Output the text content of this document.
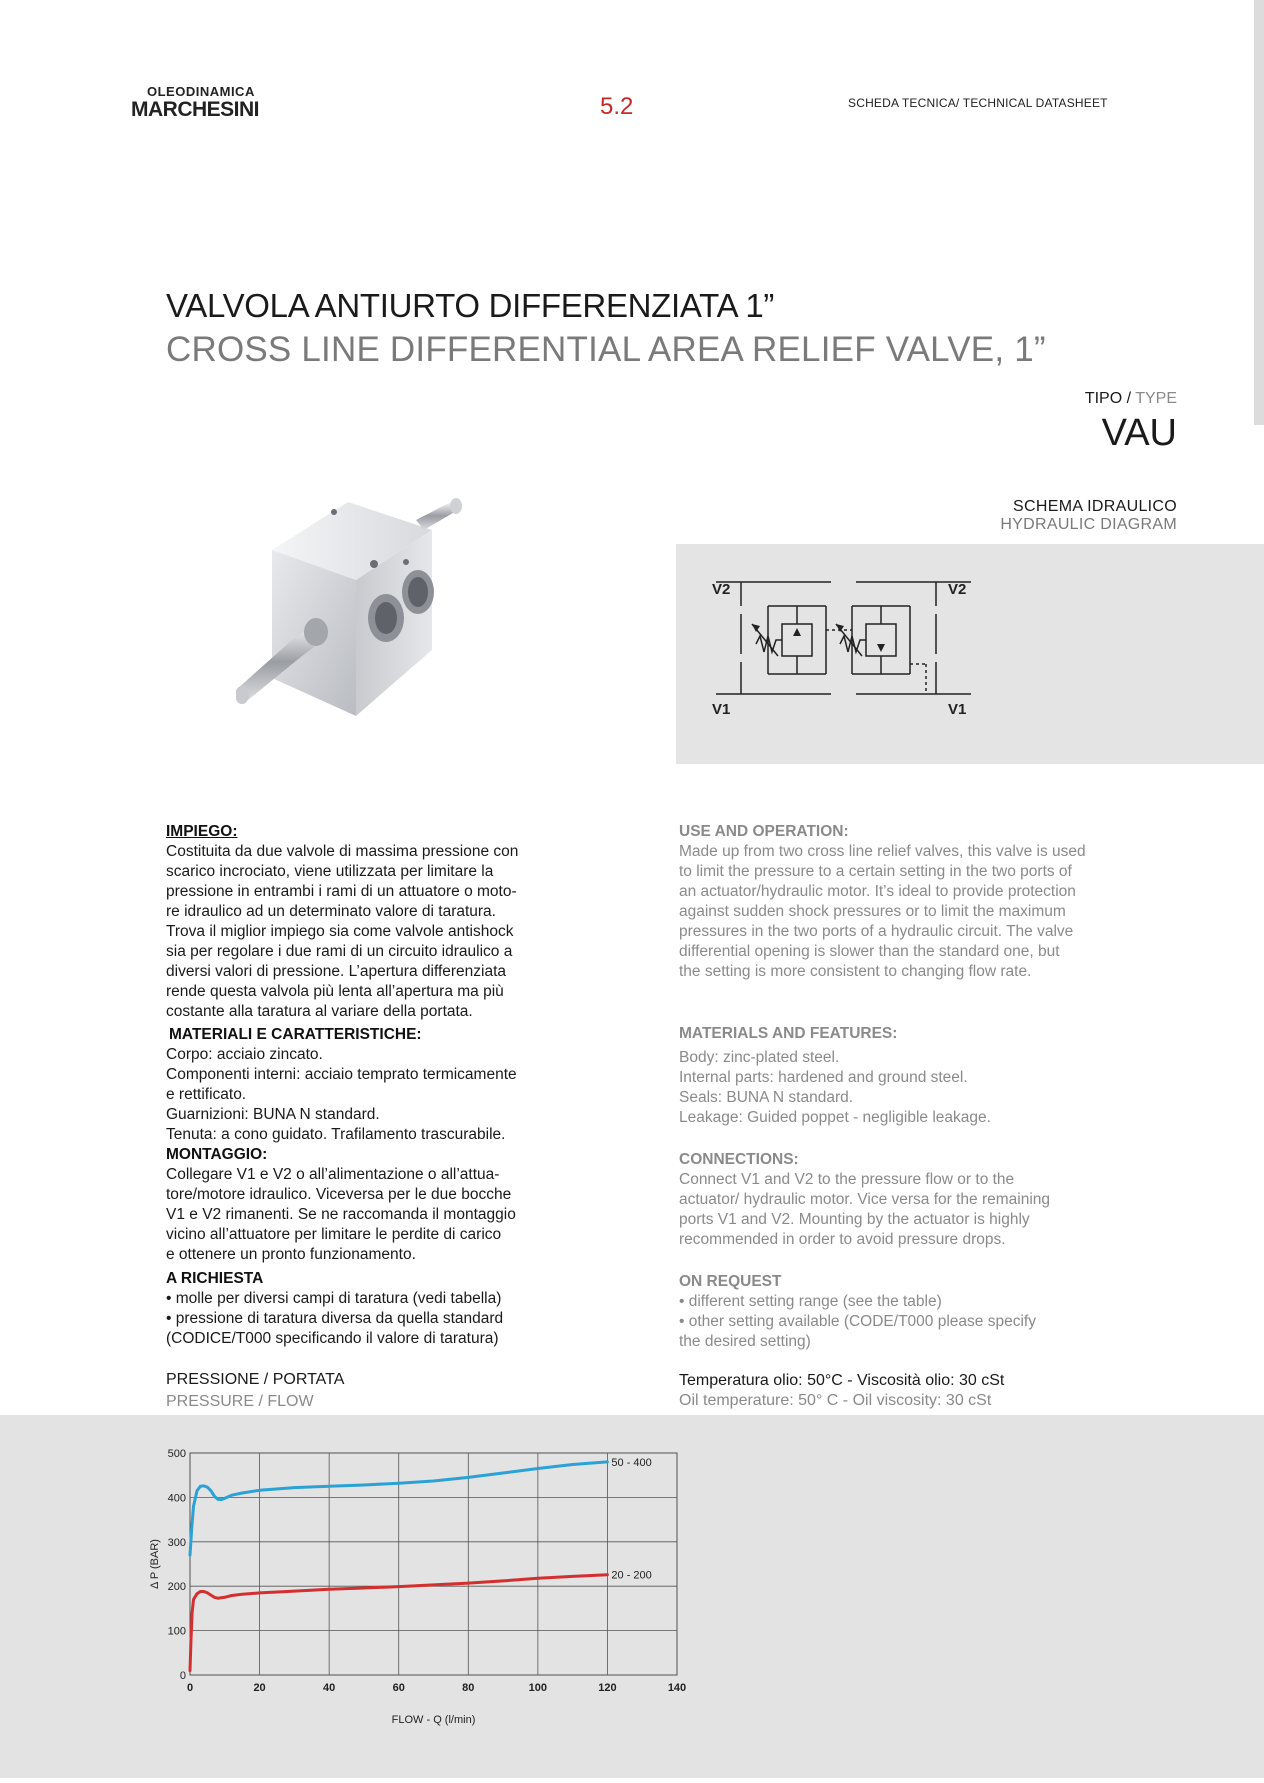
OLEODINAMICA
MARCHESINI	5.2	SCHEDA TECNICA/ TECHNICAL DATASHEET
VALVOLA ANTIURTO DIFFERENZIATA 1”
CROSS LINE DIFFERENTIAL AREA RELIEF VALVE, 1”
TIPO / TYPE
VAU
SCHEMA IDRAULICO
HYDRAULIC DIAGRAM
V2	V2
V1	V1
IMPIEGO:
Costituita da due valvole di massima pressione con
scarico incrociato, viene utilizzata per limitare la
pressione in entrambi i rami di un attuatore o moto-
re idraulico ad un determinato valore di taratura.
Trova il miglior impiego sia come valvole antishock
sia per regolare i due rami di un circuito idraulico a
diversi valori di pressione. L’apertura differenziata
rende questa valvola più lenta all’apertura ma più
costante alla taratura al variare della portata.
MATERIALI E CARATTERISTICHE:
Corpo: acciaio zincato.
Componenti interni: acciaio temprato termicamente
e rettificato.
Guarnizioni: BUNA N standard.
Tenuta: a cono guidato. Trafilamento trascurabile.
MONTAGGIO:
Collegare V1 e V2 o all’alimentazione o all’attua-
tore/motore idraulico. Viceversa per le due bocche
V1 e V2 rimanenti. Se ne raccomanda il montaggio
vicino all’attuatore per limitare le perdite di carico
e ottenere un pronto funzionamento.
A RICHIESTA
• molle per diversi campi di taratura (vedi tabella)
• pressione di taratura diversa da quella standard
(CODICE/T000 specificando il valore di taratura)
PRESSIONE / PORTATA
PRESSURE / FLOW
USE AND OPERATION:
Made up from two cross line relief valves, this valve is used
to limit the pressure to a certain setting in the two ports of
an actuator/hydraulic motor. It’s ideal to provide protection
against sudden shock pressures or to limit the maximum
pressures in the two ports of a hydraulic circuit. The valve
differential opening is slower than the standard one, but
the setting is more consistent to changing flow rate.
MATERIALS AND FEATURES:
Body: zinc-plated steel.
Internal parts: hardened and ground steel.
Seals: BUNA N standard.
Leakage: Guided poppet - negligible leakage.
CONNECTIONS:
Connect V1 and V2 to the pressure flow or to the
actuator/ hydraulic motor. Vice versa for the remaining
ports V1 and V2. Mounting by the actuator is highly
recommended in order to avoid pressure drops.
ON REQUEST
• different setting range (see the table)
• other setting available (CODE/T000 please specify
the desired setting)
Temperatura olio: 50°C - Viscosità olio: 30 cSt
Oil temperature: 50° C - Oil viscosity: 30 cSt
0	20	40	60	80	100	120	140
0
100
200
300
400
500
FLOW - Q (l/min)
Δ P (BAR)
50 - 400
20 - 200
